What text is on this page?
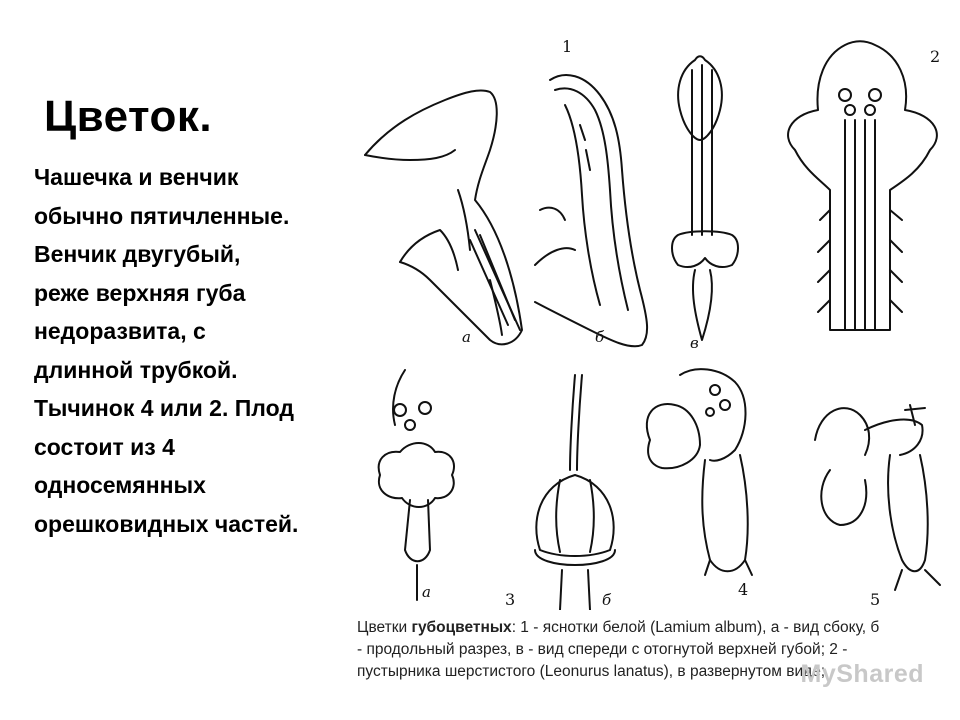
Цветок.
Чашечка и венчик
обычно пятичленные.
Венчик двугубый,
реже верхняя губа
недоразвита, с
длинной трубкой.
Тычинок 4 или 2. Плод
состоит из 4
односемянных
орешковидных частей.
а	б	в
1
2
а	3	б
4
5
Цветки губоцветных: 1 - яснотки белой (Lamium album), а - вид сбоку, б
- продольный разрез, в - вид спереди с отогнутой верхней губой; 2 -
пустырника шерстистого (Leonurus lanatus), в развернутом виде;
MyShared
